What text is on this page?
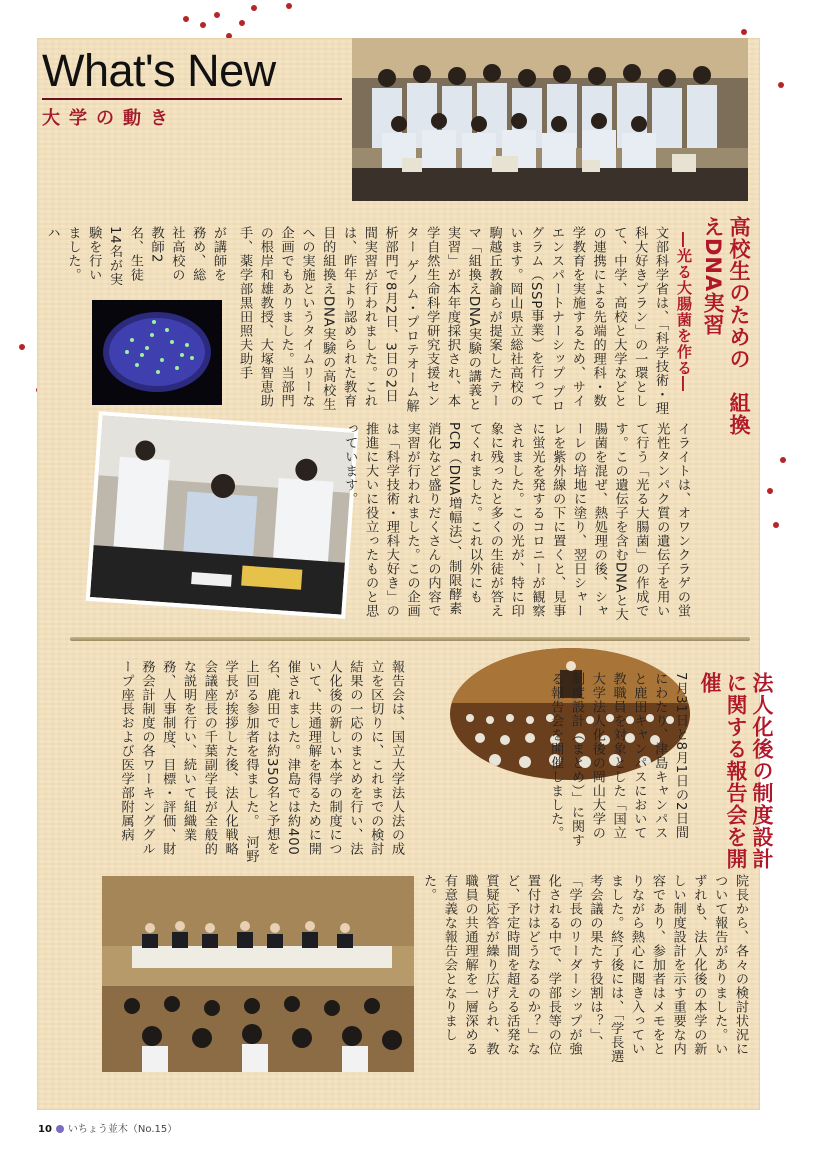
What's New
大学の動き
高校生のための　組換えDNA実習
―光る大腸菌を作る―
文部科学省は、「科学技術・理科大好きプラン」の一環として、中学、高校と大学などとの連携による先端的理科・数学教育を実施するため、サイエンスパートナーシップ プログラム（SSP事業）を行っています。岡山県立総社高校の駒越丘教諭らが提案したテーマ「組換えDNA実験の講義と実習」が本年度採択され、本学自然生命科学研究支援センター ゲノム・プロテオーム解析部門で8月2日、3日の2日間実習が行われました。これは、昨年より認められた教育目的組換えDNA実験の高校生への実施というタイムリーな企画でもありました。当部門の根岸和雄教授、大塚智恵助手、薬学部黒田照夫助手
が講師を務め、総社高校の教師2名、生徒14名が実験を行いました。ハ
イライトは、オワンクラゲの蛍光性タンパク質の遺伝子を用いて行う「光る大腸菌」の作成です。この遺伝子を含むDNAと大腸菌を混ぜ、熱処理の後、シャーレの培地に塗り、翌日シャーレを紫外線の下に置くと、見事に蛍光を発するコロニーが観察されました。この光が、特に印象に残ったと多くの生徒が答えてくれました。これ以外にもPCR（DNA増幅法）、制限酵素消化など盛りだくさんの内容で実習が行われました。この企画は「科学技術・理科大好き」の推進に大いに役立ったものと思っています。
法人化後の制度設計　に関する報告会を開催
7月31日と8月1日の2日間にわたり、津島キャンパスと鹿田キャンパスにおいて教職員を対象とした「国立大学法人化後の岡山大学の制度設計（まとめ）」に関する報告会を開催しました。
報告会は、国立大学法人法の成立を区切りに、これまでの検討結果の一応のまとめを行い、法人化後の新しい本学の制度について、共通理解を得るために開催されました。津島では約400名、鹿田では約350名と予想を上回る参加者を得ました。　河野学長が挨拶した後、法人化戦略会議座長の千葉副学長が全般的な説明を行い、続いて組織業務、人事制度、目標・評価、財務会計制度の各ワーキンググループ座長および医学部附属病
院長から、各々の検討状況について報告がありました。いずれも、法人化後の本学の新しい制度設計を示す重要な内容であり、参加者はメモをとりながら熱心に聞き入っていました。終了後には、「学長選考会議の果たす役割は？」、「学長のリーダーシップが強化される中で、学部長等の位置付けはどうなるのか？」など、予定時間を超える活発な質疑応答が繰り広げられ、教職員の共通理解を一層深める有意義な報告会となりました。
10 いちょう並木（No.15）
